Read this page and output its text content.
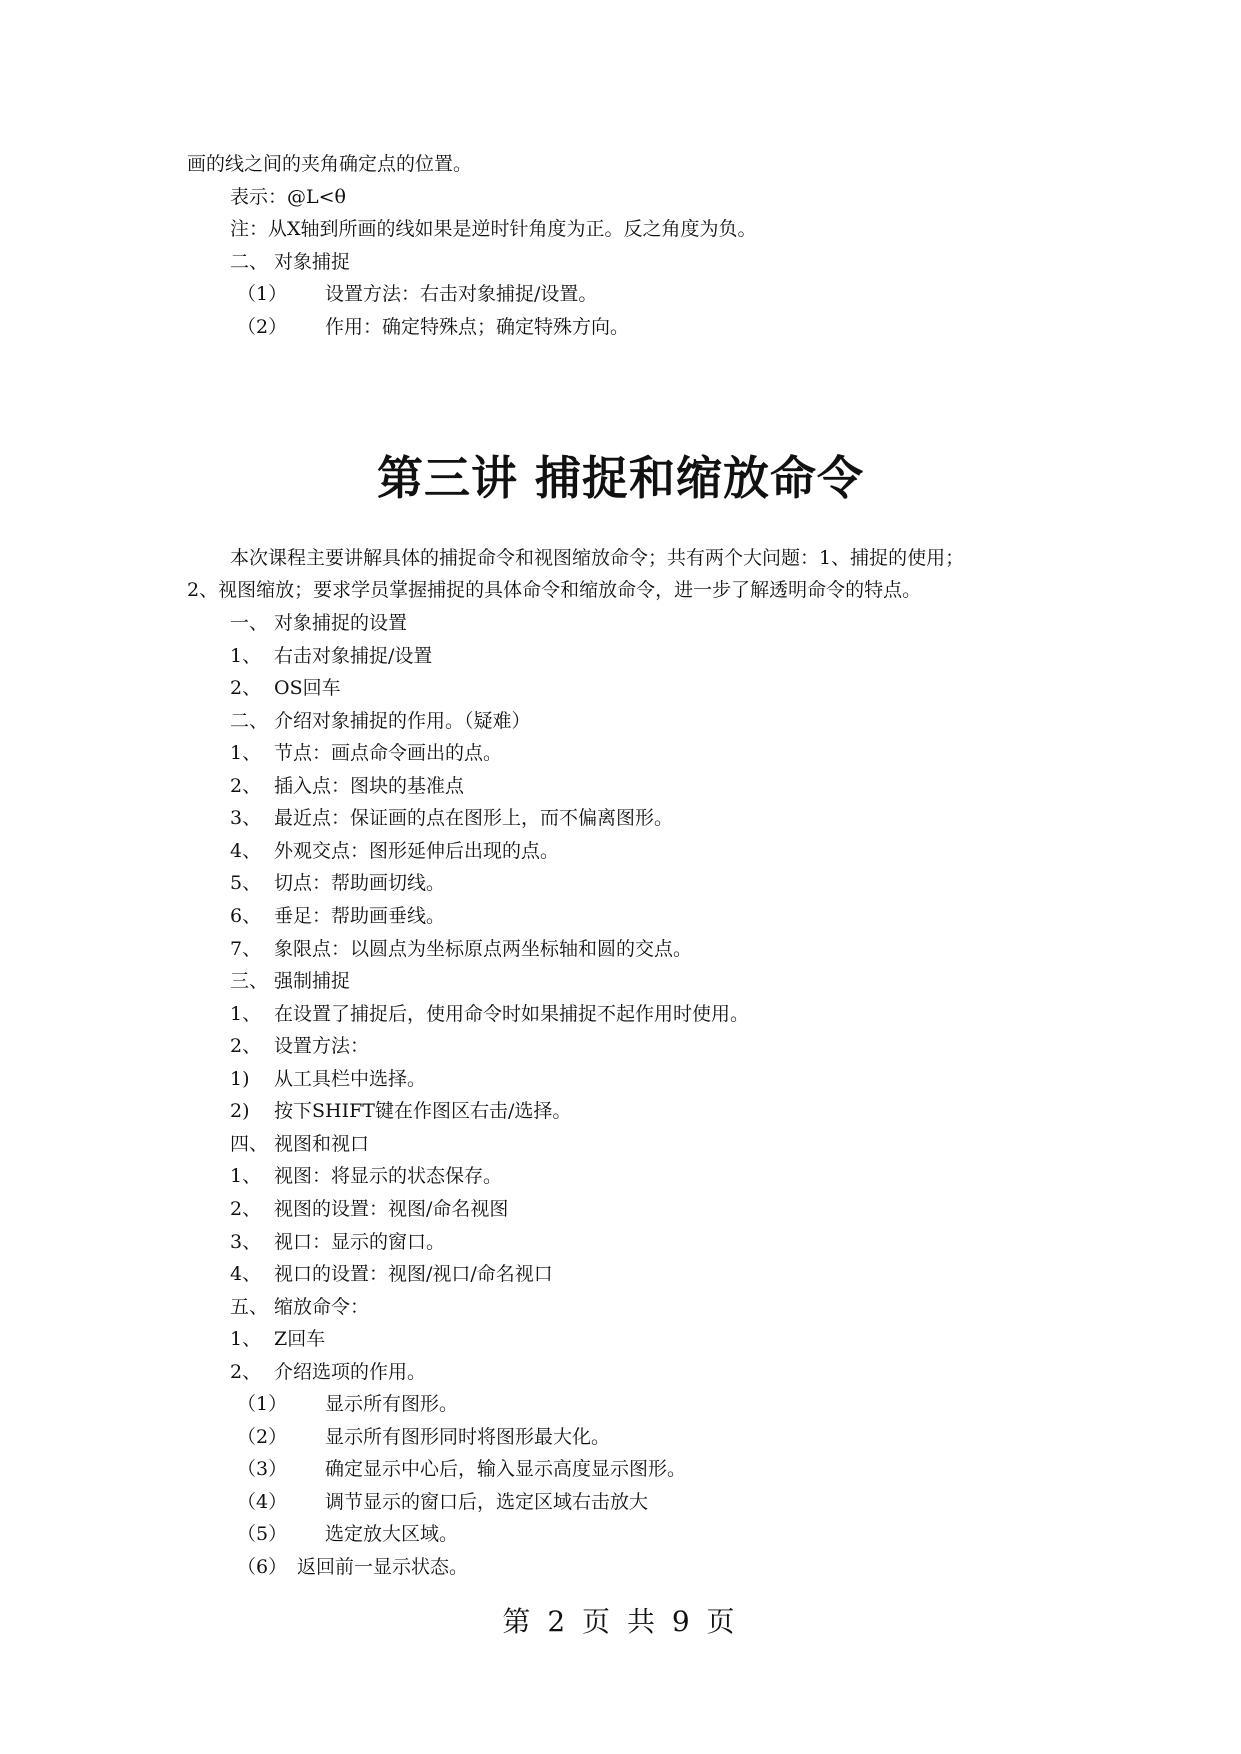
画的线之间的夹角确定点的位置。
表示：@L<θ
注：从X轴到所画的线如果是逆时针角度为正。反之角度为负。
二、 对象捕捉
（1） 设置方法：右击对象捕捉/设置。
（2） 作用：确定特殊点；确定特殊方向。
第三讲 捕捉和缩放命令
本次课程主要讲解具体的捕捉命令和视图缩放命令；共有两个大问题：1、捕捉的使用；
2、视图缩放；要求学员掌握捕捉的具体命令和缩放命令，进一步了解透明命令的特点。
一、 对象捕捉的设置
1、 右击对象捕捉/设置
2、 OS回车
二、 介绍对象捕捉的作用。（疑难）
1、 节点：画点命令画出的点。
2、 插入点：图块的基准点
3、 最近点：保证画的点在图形上，而不偏离图形。
4、 外观交点：图形延伸后出现的点。
5、 切点：帮助画切线。
6、 垂足：帮助画垂线。
7、 象限点：以圆点为坐标原点两坐标轴和圆的交点。
三、 强制捕捉
1、 在设置了捕捉后，使用命令时如果捕捉不起作用时使用。
2、 设置方法：
1) 从工具栏中选择。
2) 按下SHIFT键在作图区右击/选择。
四、 视图和视口
1、 视图：将显示的状态保存。
2、 视图的设置：视图/命名视图
3、 视口：显示的窗口。
4、 视口的设置：视图/视口/命名视口
五、 缩放命令：
1、 Z回车
2、 介绍选项的作用。
（1） 显示所有图形。
（2） 显示所有图形同时将图形最大化。
（3） 确定显示中心后，输入显示高度显示图形。
（4） 调节显示的窗口后，选定区域右击放大
（5） 选定放大区域。
（6） 返回前一显示状态。
第 2 页 共 9 页
